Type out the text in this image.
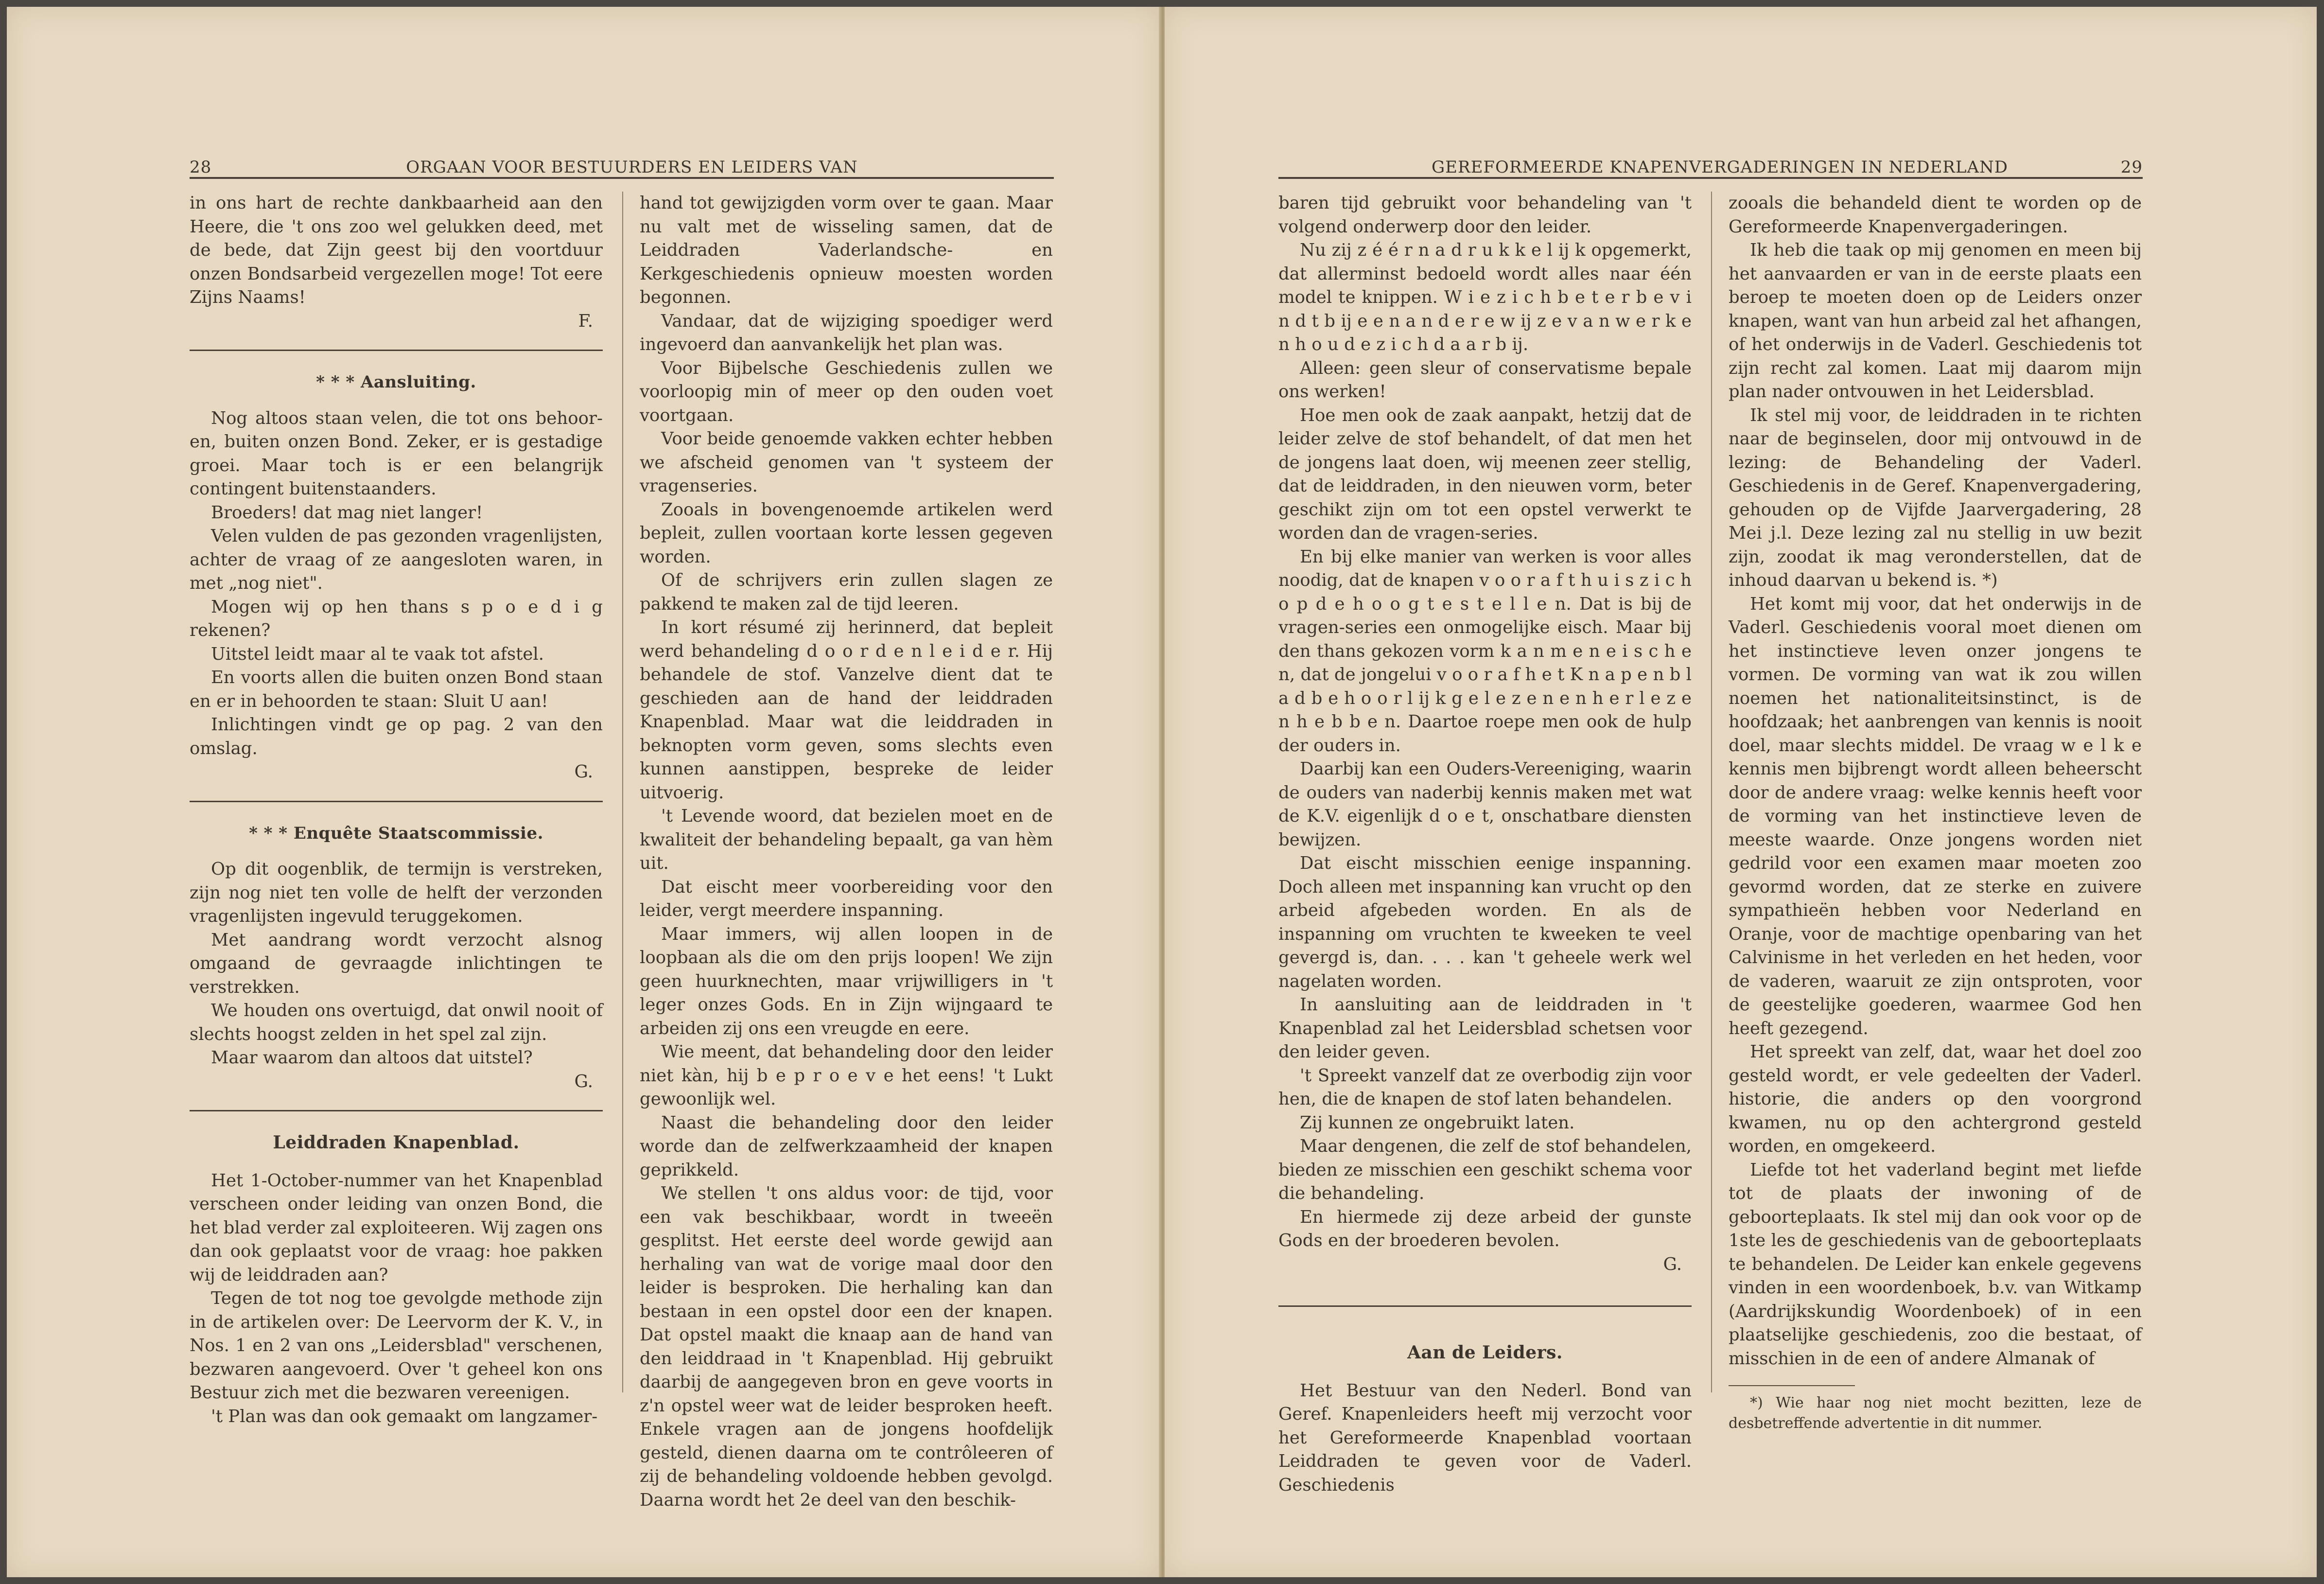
28	ORGAAN VOOR BESTUURDERS EN LEIDERS VAN

in ons hart de rechte dankbaarheid aan den Heere, die 't ons zoo wel gelukken deed, met de bede, dat Zijn geest bij den voortduur onzen Bondsarbeid vergezellen moge! Tot eere Zijns Naams!

F.

* * * Aansluiting.

Nog altoos staan velen, die tot ons behooren, buiten onzen Bond. Zeker, er is gestadige groei. Maar toch is er een belangrijk contingent buitenstaanders.

Broeders! dat mag niet langer!

Velen vulden de pas gezonden vragenlijsten, achter de vraag of ze aangesloten waren, in met „nog niet".

Mogen wij op hen thans s p o e d i g rekenen?

Uitstel leidt maar al te vaak tot afstel.

En voorts allen die buiten onzen Bond staan en er in behoorden te staan: Sluit U aan!

Inlichtingen vindt ge op pag. 2 van den omslag.

G.

* * * Enquête Staatscommissie.

Op dit oogenblik, de termijn is verstreken, zijn nog niet ten volle de helft der verzonden vragenlijsten ingevuld teruggekomen.

Met aandrang wordt verzocht alsnog omgaand de gevraagde inlichtingen te verstrekken.

We houden ons overtuigd, dat onwil nooit of slechts hoogst zelden in het spel zal zijn.

Maar waarom dan altoos dat uitstel?

G.

Leiddraden Knapenblad.

Het 1-October-nummer van het Knapenblad verscheen onder leiding van onzen Bond, die het blad verder zal exploiteeren. Wij zagen ons dan ook geplaatst voor de vraag: hoe pakken wij de leiddraden aan?

Tegen de tot nog toe gevolgde methode zijn in de artikelen over: De Leervorm der K. V., in Nos. 1 en 2 van ons „Leidersblad" verschenen, bezwaren aangevoerd. Over 't geheel kon ons Bestuur zich met die bezwaren vereenigen.

't Plan was dan ook gemaakt om langzamer-

hand tot gewijzigden vorm over te gaan. Maar nu valt met de wisseling samen, dat de Leiddraden Vaderlandsche- en Kerkgeschiedenis opnieuw moesten worden begonnen.

Vandaar, dat de wijziging spoediger werd ingevoerd dan aanvankelijk het plan was.

Voor Bijbelsche Geschiedenis zullen we voorloopig min of meer op den ouden voet voortgaan.

Voor beide genoemde vakken echter hebben we afscheid genomen van 't systeem der vragenseries.

Zooals in bovengenoemde artikelen werd bepleit, zullen voortaan korte lessen gegeven worden.

Of de schrijvers erin zullen slagen ze pakkend te maken zal de tijd leeren.

In kort résumé zij herinnerd, dat bepleit werd behandeling d o o r d e n l e i d e r. Hij behandele de stof. Vanzelve dient dat te geschieden aan de hand der leiddraden Knapenblad. Maar wat die leiddraden in beknopten vorm geven, soms slechts even kunnen aanstippen, bespreke de leider uitvoerig.

't Levende woord, dat bezielen moet en de kwaliteit der behandeling bepaalt, ga van hèm uit.

Dat eischt meer voorbereiding voor den leider, vergt meerdere inspanning.

Maar immers, wij allen loopen in de loopbaan als die om den prijs loopen! We zijn geen huurknechten, maar vrijwilligers in 't leger onzes Gods. En in Zijn wijngaard te arbeiden zij ons een vreugde en eere.

Wie meent, dat behandeling door den leider niet kàn, hij b e p r o e v e het eens! 't Lukt gewoonlijk wel.

Naast die behandeling door den leider worde dan de zelfwerkzaamheid der knapen geprikkeld.

We stellen 't ons aldus voor: de tijd, voor een vak beschikbaar, wordt in tweeën gesplitst. Het eerste deel worde gewijd aan herhaling van wat de vorige maal door den leider is besproken. Die herhaling kan dan bestaan in een opstel door een der knapen. Dat opstel maakt die knaap aan de hand van den leiddraad in 't Knapenblad. Hij gebruikt daarbij de aangegeven bron en geve voorts in z'n opstel weer wat de leider besproken heeft. Enkele vragen aan de jongens hoofdelijk gesteld, dienen daarna om te contrôleeren of zij de behandeling voldoende hebben gevolgd. Daarna wordt het 2e deel van den beschik-

GEREFORMEERDE KNAPENVERGADERINGEN IN NEDERLAND	29

baren tijd gebruikt voor behandeling van 't volgend onderwerp door den leider.

Nu zij z é é r n a d r u k k e l ij k opgemerkt, dat allerminst bedoeld wordt alles naar één model te knippen. W i e z i c h b e t e r b e v i n d t b ij e e n a n d e r e w ij z e v a n w e r k e n h o u d e z i c h d a a r b ij.

Alleen: geen sleur of conservatisme bepale ons werken!

Hoe men ook de zaak aanpakt, hetzij dat de leider zelve de stof behandelt, of dat men het de jongens laat doen, wij meenen zeer stellig, dat de leiddraden, in den nieuwen vorm, beter geschikt zijn om tot een opstel verwerkt te worden dan de vragen-series.

En bij elke manier van werken is voor alles noodig, dat de knapen v o o r a f t h u i s z i c h o p d e h o o g t e s t e l l e n. Dat is bij de vragen-series een onmogelijke eisch. Maar bij den thans gekozen vorm k a n m e n e i s c h e n, dat de jongelui v o o r a f h e t K n a p e n b l a d b e h o o r l ij k g e l e z e n e n h e r l e z e n h e b b e n. Daartoe roepe men ook de hulp der ouders in.

Daarbij kan een Ouders-Vereeniging, waarin de ouders van naderbij kennis maken met wat de K.V. eigenlijk d o e t, onschatbare diensten bewijzen.

Dat eischt misschien eenige inspanning. Doch alleen met inspanning kan vrucht op den arbeid afgebeden worden. En als de inspanning om vruchten te kweeken te veel gevergd is, dan. . . . kan 't geheele werk wel nagelaten worden.

In aansluiting aan de leiddraden in 't Knapenblad zal het Leidersblad schetsen voor den leider geven.

't Spreekt vanzelf dat ze overbodig zijn voor hen, die de knapen de stof laten behandelen.

Zij kunnen ze ongebruikt laten.

Maar dengenen, die zelf de stof behandelen, bieden ze misschien een geschikt schema voor die behandeling.

En hiermede zij deze arbeid der gunste Gods en der broederen bevolen.

G.

Aan de Leiders.

Het Bestuur van den Nederl. Bond van Geref. Knapenleiders heeft mij verzocht voor het Gereformeerde Knapenblad voortaan Leiddraden te geven voor de Vaderl. Geschiedenis

zooals die behandeld dient te worden op de Gereformeerde Knapenvergaderingen.

Ik heb die taak op mij genomen en meen bij het aanvaarden er van in de eerste plaats een beroep te moeten doen op de Leiders onzer knapen, want van hun arbeid zal het afhangen, of het onderwijs in de Vaderl. Geschiedenis tot zijn recht zal komen. Laat mij daarom mijn plan nader ontvouwen in het Leidersblad.

Ik stel mij voor, de leiddraden in te richten naar de beginselen, door mij ontvouwd in de lezing: de Behandeling der Vaderl. Geschiedenis in de Geref. Knapenvergadering, gehouden op de Vijfde Jaarvergadering, 28 Mei j.l. Deze lezing zal nu stellig in uw bezit zijn, zoodat ik mag veronderstellen, dat de inhoud daarvan u bekend is. *)

Het komt mij voor, dat het onderwijs in de Vaderl. Geschiedenis vooral moet dienen om het instinctieve leven onzer jongens te vormen. De vorming van wat ik zou willen noemen het nationaliteitsinstinct, is de hoofdzaak; het aanbrengen van kennis is nooit doel, maar slechts middel. De vraag w e l k e kennis men bijbrengt wordt alleen beheerscht door de andere vraag: welke kennis heeft voor de vorming van het instinctieve leven de meeste waarde. Onze jongens worden niet gedrild voor een examen maar moeten zoo gevormd worden, dat ze sterke en zuivere sympathieën hebben voor Nederland en Oranje, voor de machtige openbaring van het Calvinisme in het verleden en het heden, voor de vaderen, waaruit ze zijn ontsproten, voor de geestelijke goederen, waarmee God hen heeft gezegend.

Het spreekt van zelf, dat, waar het doel zoo gesteld wordt, er vele gedeelten der Vaderl. historie, die anders op den voorgrond kwamen, nu op den achtergrond gesteld worden, en omgekeerd.

Liefde tot het vaderland begint met liefde tot de plaats der inwoning of de geboorteplaats. Ik stel mij dan ook voor op de 1ste les de geschiedenis van de geboorteplaats te behandelen. De Leider kan enkele gegevens vinden in een woordenboek, b.v. van Witkamp (Aardrijkskundig Woordenboek) of in een plaatselijke geschiedenis, zoo die bestaat, of misschien in de een of andere Almanak of

*) Wie haar nog niet mocht bezitten, leze de desbetreffende advertentie in dit nummer.
